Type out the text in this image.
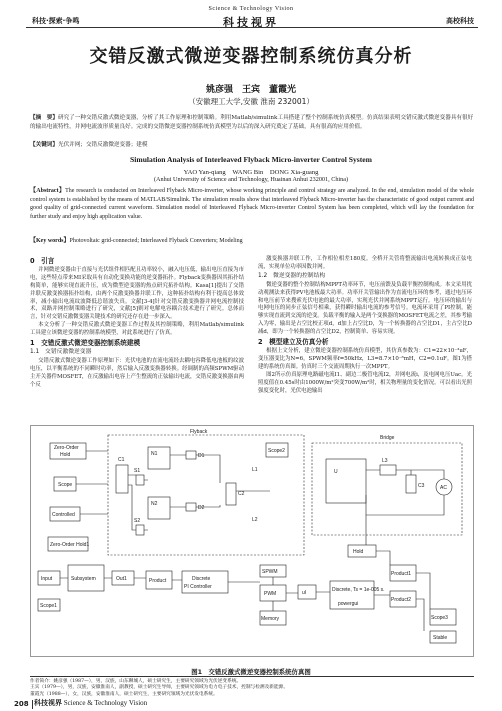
Science & Technology Vision
科技视界
科技·探索·争鸣	高校科技
交错反激式微逆变器控制系统仿真分析
姚彦强　王宾　董霞光
（安徽理工大学,安徽 淮南 232001）
【摘　要】研究了一种交错反激式微逆变器，分析了其工作原理和控制策略。利用Matlab/simulink工具搭建了整个控制系统仿真模型。仿真结果表明交错反激式微逆变器具有很好的输出电流特性，并网电流波形质量良好。完成的交错微逆变器控制系统仿真模型为以后的深入研究奠定了基础，具有很高的应用价值。
【关键词】光伏并网；交错反激微逆变器；建模
Simulation Analysis of Interleaved Flyback Micro-inverter Control System
YAO Yan-qiang　WANG Bin　DONG Xia-guang
(Anhui University of Science and Technology, Huainan Anhui 232001, China)
【Abstract】The research is conducted on Interleaved Flyback Micro-inverter, whose working principle and control strategy are analyzed. In the end, simulation model of the whole control system is established by the means of MATLAB/Simulink. The simulation results show that interleaved Flyback Micro-inverter has the characteristic of good output current and good quality of grid-connected current waveform. Simulation model of Interleaved Flyback Micro-inverter Control System has been completed, which will lay the foundation for further study and enjoy high application value.
【Key words】Photovoltaic grid-connected; Interleaved Flyback Converters; Modeling
0　引言

并网微逆变器由于直接与光伏组件相匹配且功率较小，融入电压低，输出电压直接为市电，这些特点带来MI采取具有自动化变换功能的逆变器拓扑。Flyback变换器因其拓扑结构简单，能够实现直流升压，成为微型逆变器的热点研究拓扑结构。Kasa[1]提出了交错并联反激变换器拓扑结构，由两个反激变换器并联工作，这种拓扑结构有利于提高总体效率，减小输出电流纹波降低总谐波失真。文献[3-4]针对交错反激变换器并网电流控制技术，双路并网控制策略进行了研究，文献[5]则对电解电容耦合技术进行了研究。总体而言，针对交错反激微变器关键技术的研究还存在进一步深入。

本文分析了一种交错反激式微逆变器工作过程及其控制策略，利用Matlab/simulink工具建立该微逆变器的控制系统模型，对此系统进行了仿真。

1　交错反激式微逆变器控制系统建模
1.1　交错反激微逆变器

交错反激式微逆变器工作原理如下：光伏电池的直流电流经去耦电容降低电池板的纹波电压，以平衡系统的不同瞬时功率，然后输入反激变换器转换。经调制的高频SPWM驱动主开关器件MOSFET，在反激输出电容上产生整流的正弦输出电流，交错反激变换器由两个反

激变换器并联工作，工作相位相差180度。全桥开关管将整流输出电流转换成正弦电流，实现单位功率因数并网。

1.2　微逆变器的控制结构

微逆变器的整个控制结构MPPT功率环节，电压前馈及负载平衡控制构成。本文采用扰动观测法来获得PV电池板最大功率。功率开关管输出作为直流电压环的参考，通过电压环和电压前节来搜索光伏电池的最大功率，实现光伏并网系统MPPT运行。电压环的输出与电网电压的同步正弦信号相乘，获得瞬时输出电流的参考信号。电流环采用了PI控制，能够实现直流到交流的逆变。负载平衡的输入是两个变换器的MOSFET电流之差，其参考输入为零，输出是占空比校正项d，d加上占空比D，为一个转换器的占空比D1，主占空比D减d，即为一个转换器的占空比D2，控制简单、容易实现。

2　模型建立及仿真分析

根据上文分析，建立微逆变器控制系统仿真模型，其仿真参数为：C1=22×10⁻³uF，变压器变比为N=6，SPWM频率f=50kHz，L3=8.7×10⁻⁶mH，C2=0.1uF。图1为搭建的系统仿真图。仿真时三个交流周期执行一次MPPT。

图2所示仿真原理电路磁电流I1、副边二极管电流I2，并网电流i，及电网电压Uac。光照度值在0.45s时由1000W/m²突变700W/m²时，相关物理量的变化情况。可以看出光照强度变化时，光伏电池输出

Zero-Order
Hold
Scope
Controlled
Zero-Order Hold1
Input	Subsystem	Out1
Scope1
Product	Discrete
PI Controller
Flyback
C1
N1
N2
S1
S2
D1
D2
C2
L1
L2
Scope2
Bridge
U
L3
C3	AC
Hold
PWM
Memory
SPWM
uI	Discrete, Ts = 1e-005 s.
powergui
Product1
Product2
Scope3
Stable
图1　交错反激式微逆变器控制系统仿真图
作者简介：姚彦强（1987—），男，汉族，山东聊城人，硕士研究生，主要研究领域为光伏逆变系统。
王宾（1979—），男，汉族，安徽淮南人，副教授，硕士研究生导师，主要研究领域为电力电子技术，控制与检测及新能源。
董霞光（1988—），女，汉族，安徽淮南人，硕士研究生，主要研究领域为光伏发电系统。
208 科技视界 Science & Technology Vision
